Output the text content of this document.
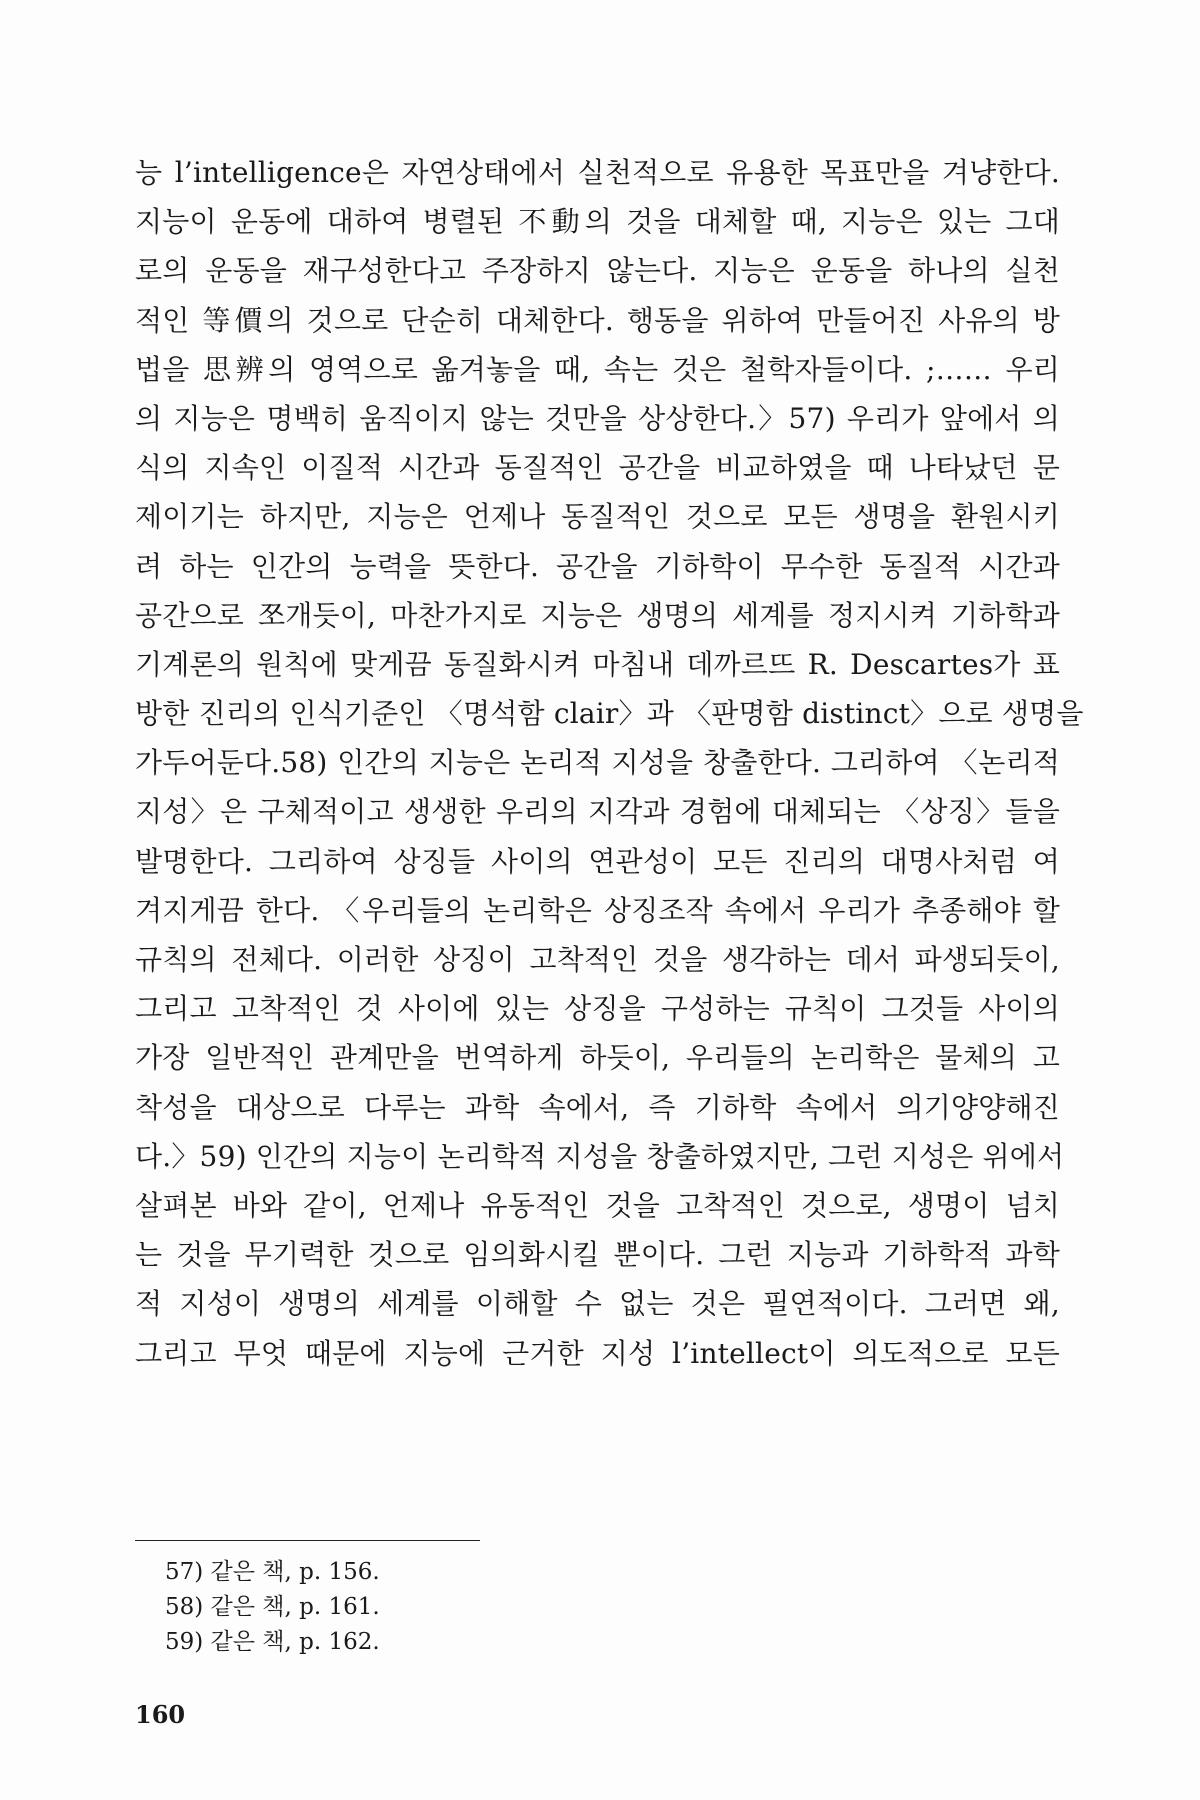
능 l’intelligence은 자연상태에서 실천적으로 유용한 목표만을 겨냥한다.
지능이 운동에 대하여 병렬된 不動의 것을 대체할 때, 지능은 있는 그대
로의 운동을 재구성한다고 주장하지 않는다. 지능은 운동을 하나의 실천
적인 等價의 것으로 단순히 대체한다. 행동을 위하여 만들어진 사유의 방
법을 思辨의 영역으로 옮겨놓을 때, 속는 것은 철학자들이다. ;…… 우리
의 지능은 명백히 움직이지 않는 것만을 상상한다.〉57) 우리가 앞에서 의
식의 지속인 이질적 시간과 동질적인 공간을 비교하였을 때 나타났던 문
제이기는 하지만, 지능은 언제나 동질적인 것으로 모든 생명을 환원시키
려 하는 인간의 능력을 뜻한다. 공간을 기하학이 무수한 동질적 시간과
공간으로 쪼개듯이, 마찬가지로 지능은 생명의 세계를 정지시켜 기하학과
기계론의 원칙에 맞게끔 동질화시켜 마침내 데까르뜨 R. Descartes가 표
방한 진리의 인식기준인 〈명석함 clair〉과 〈판명함 distinct〉으로 생명을
가두어둔다.58) 인간의 지능은 논리적 지성을 창출한다. 그리하여 〈논리적
지성〉은 구체적이고 생생한 우리의 지각과 경험에 대체되는 〈상징〉들을
발명한다. 그리하여 상징들 사이의 연관성이 모든 진리의 대명사처럼 여
겨지게끔 한다. 〈우리들의 논리학은 상징조작 속에서 우리가 추종해야 할
규칙의 전체다. 이러한 상징이 고착적인 것을 생각하는 데서 파생되듯이,
그리고 고착적인 것 사이에 있는 상징을 구성하는 규칙이 그것들 사이의
가장 일반적인 관계만을 번역하게 하듯이, 우리들의 논리학은 물체의 고
착성을 대상으로 다루는 과학 속에서, 즉 기하학 속에서 의기양양해진
다.〉59) 인간의 지능이 논리학적 지성을 창출하였지만, 그런 지성은 위에서
살펴본 바와 같이, 언제나 유동적인 것을 고착적인 것으로, 생명이 넘치
는 것을 무기력한 것으로 임의화시킬 뿐이다. 그런 지능과 기하학적 과학
적 지성이 생명의 세계를 이해할 수 없는 것은 필연적이다. 그러면 왜,
그리고 무엇 때문에 지능에 근거한 지성 l’intellect이 의도적으로 모든
57) 같은 책, p. 156.
58) 같은 책, p. 161.
59) 같은 책, p. 162.
160
